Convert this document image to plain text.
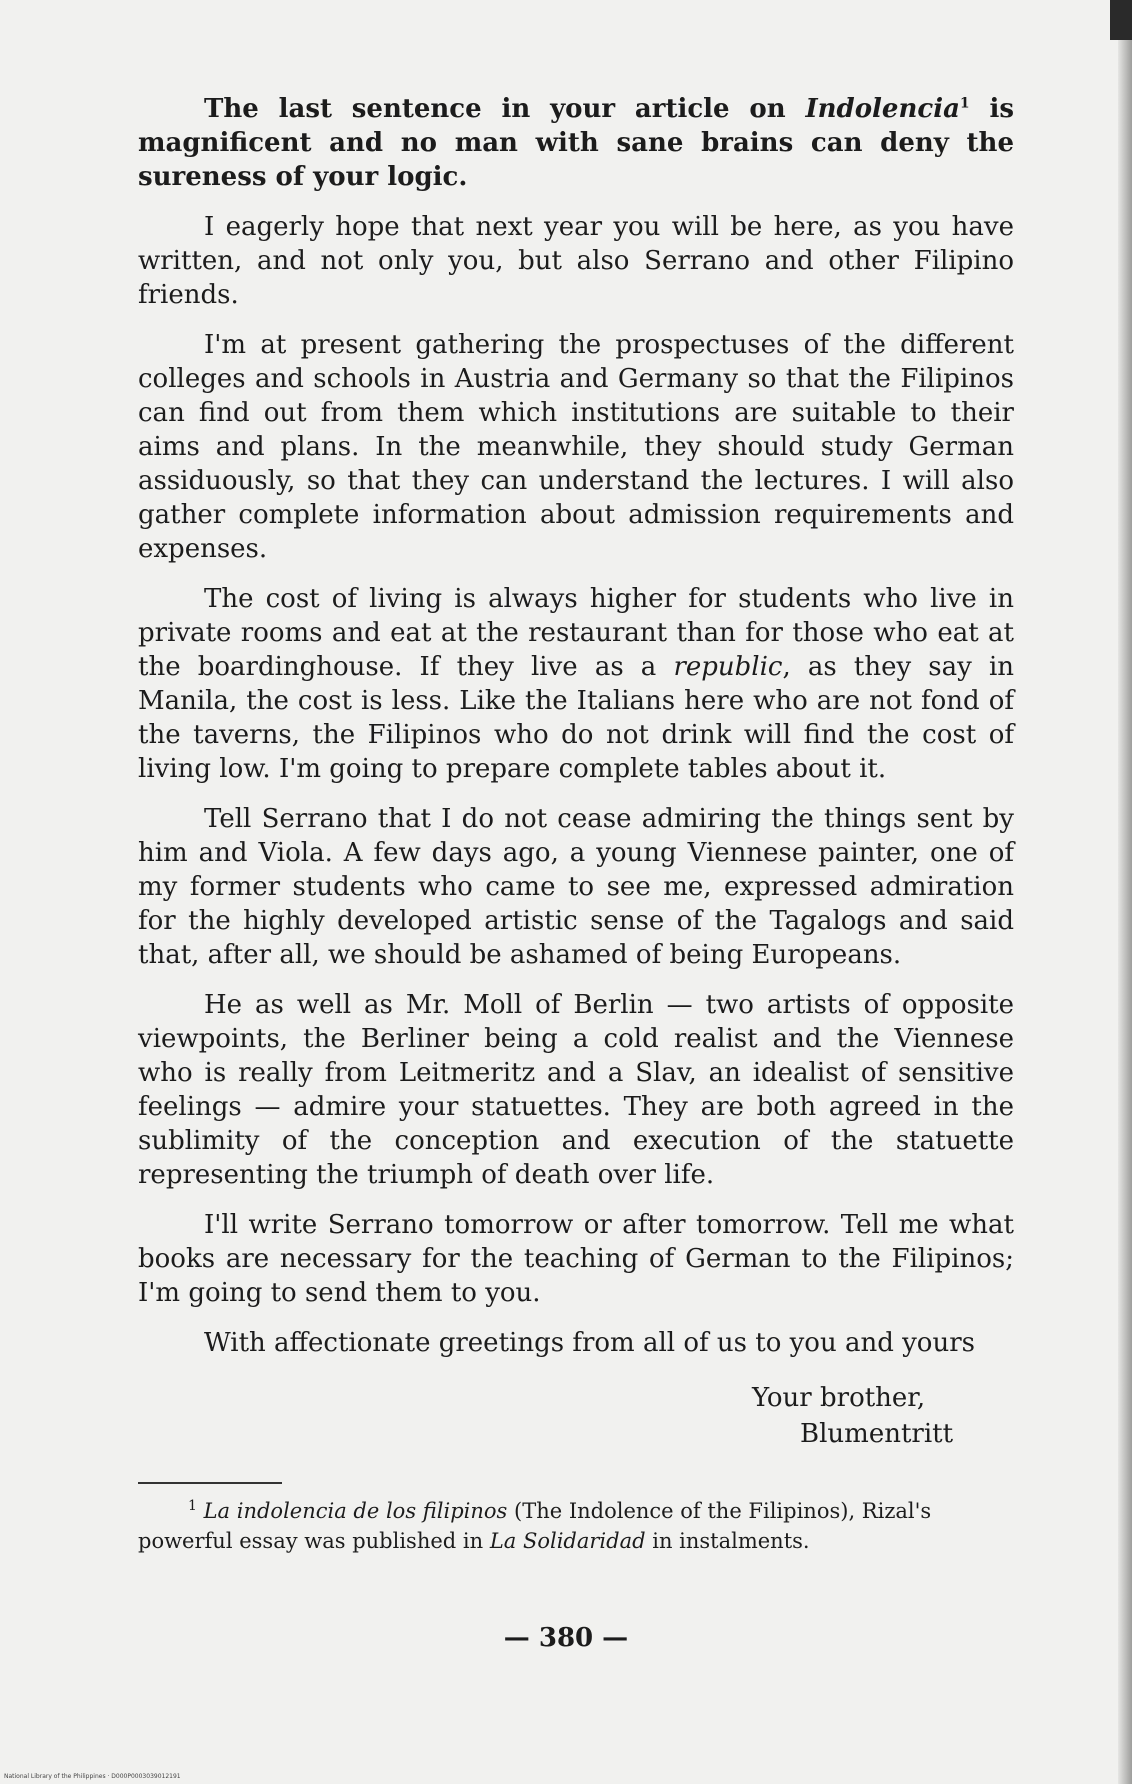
The last sentence in your article on Indolencia$^1$ is magnificent and no man with sane brains can deny the sureness of your logic.

I eagerly hope that next year you will be here, as you have written, and not only you, but also Serrano and other Filipino friends.

I'm at present gathering the prospectuses of the different colleges and schools in Austria and Germany so that the Filipinos can find out from them which institutions are suitable to their aims and plans. In the meanwhile, they should study German assiduously, so that they can understand the lectures. I will also gather complete information about admission requirements and expenses.

The cost of living is always higher for students who live in private rooms and eat at the restaurant than for those who eat at the boardinghouse. If they live as a republic, as they say in Manila, the cost is less. Like the Italians here who are not fond of the taverns, the Filipinos who do not drink will find the cost of living low. I'm going to prepare complete tables about it.

Tell Serrano that I do not cease admiring the things sent by him and Viola. A few days ago, a young Viennese painter, one of my former students who came to see me, expressed admiration for the highly developed artistic sense of the Tagalogs and said that, after all, we should be ashamed of being Europeans.

He as well as Mr. Moll of Berlin — two artists of opposite viewpoints, the Berliner being a cold realist and the Viennese who is really from Leitmeritz and a Slav, an idealist of sensitive feelings — admire your statuettes. They are both agreed in the sublimity of the conception and execution of the statuette representing the triumph of death over life.

I'll write Serrano tomorrow or after tomorrow. Tell me what books are necessary for the teaching of German to the Filipinos; I'm going to send them to you.

With affectionate greetings from all of us to you and yours

Your brother,
Blumentritt

$^1$ La indolencia de los filipinos (The Indolence of the Filipinos), Rizal's powerful essay was published in La Solidaridad in instalments.

— 380 —
National Library of the Philippines · D000P0003039012191
